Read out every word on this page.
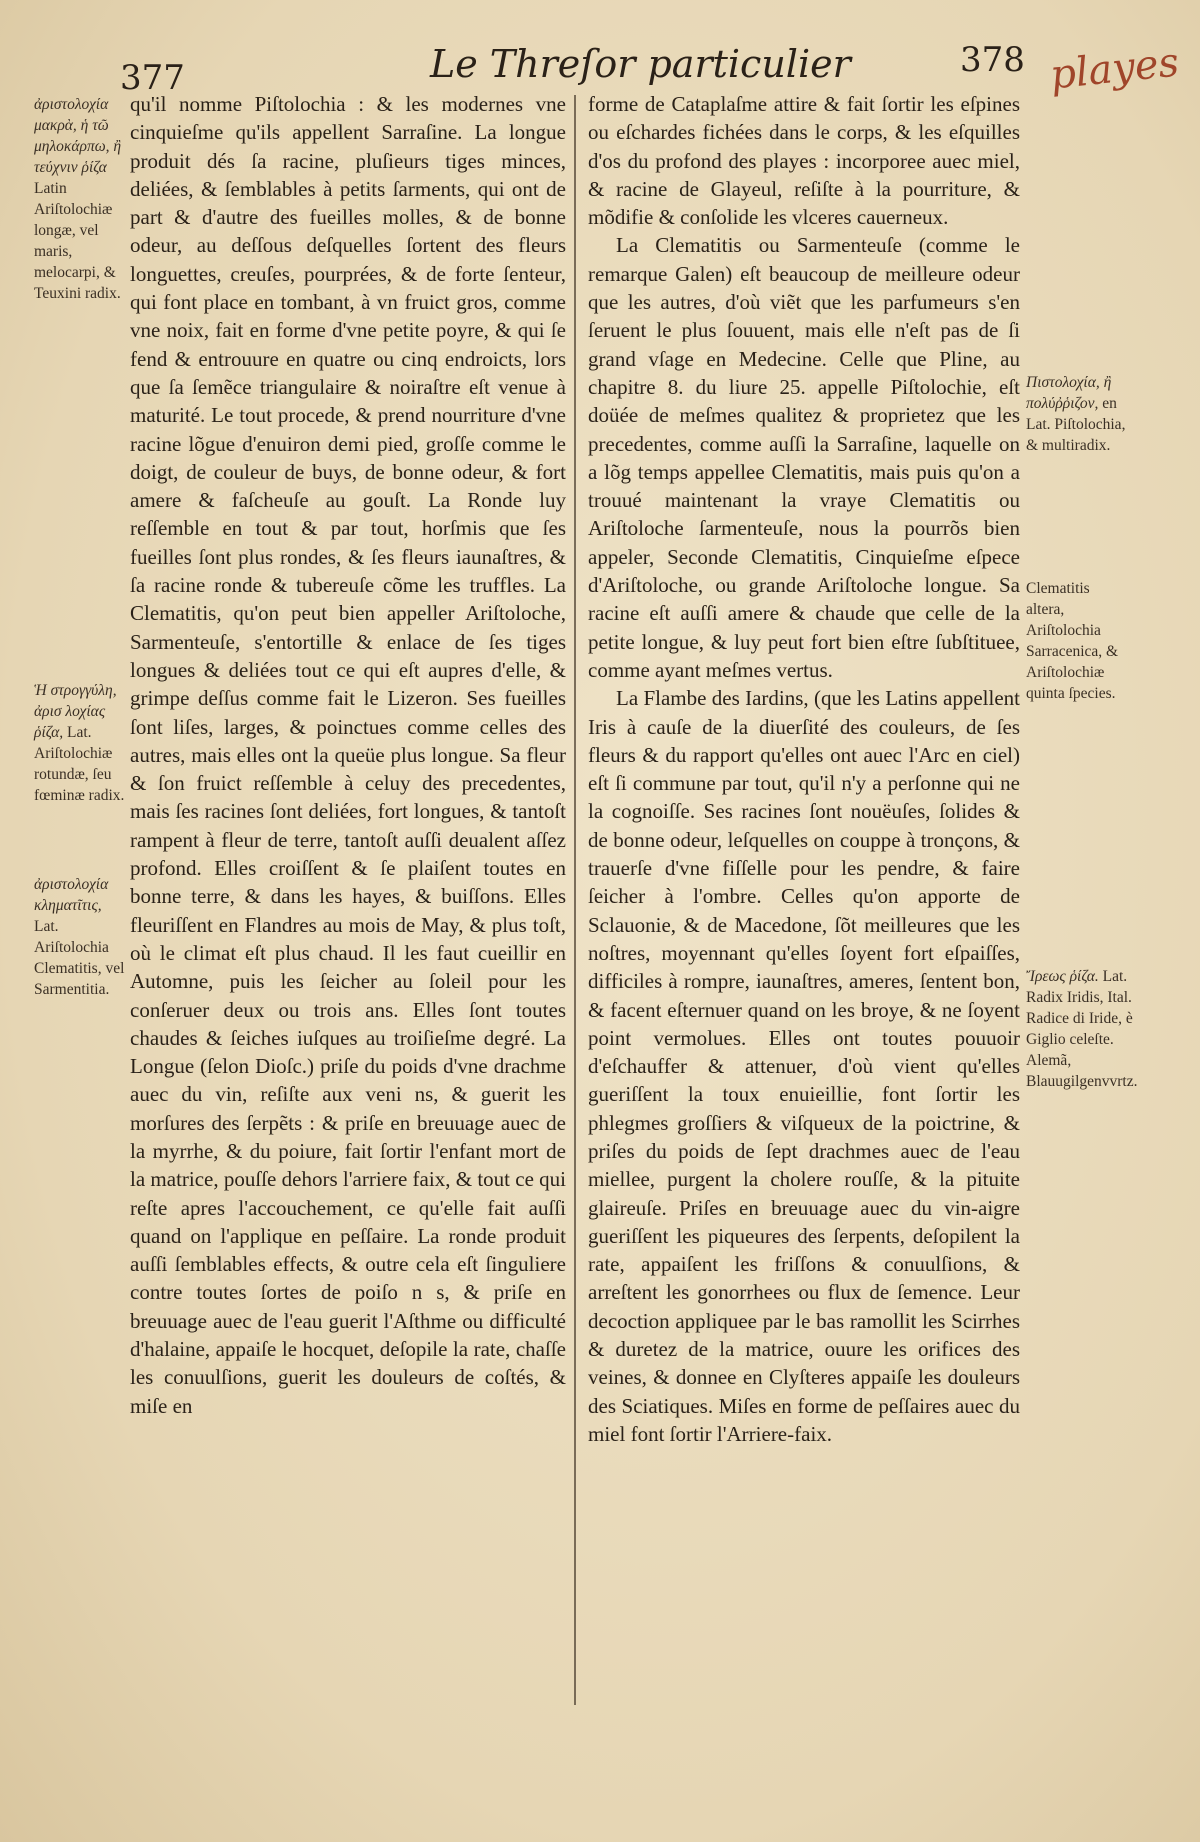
377	Le Threſor particulier	378 playes
ἀριστολοχία μακρὰ, ἡ τῶ μηλοκάρπω, ἢ τεύχνιν ῥίζα Latin Ariſtolochiæ longæ, vel maris, melocarpi, & Teuxini radix.
Ἡ στρογγύλη, ἀρισ λοχίας ῥίζα, Lat. Ariſtolochiæ rotundæ, ſeu fœminæ radix.
ἀριστολοχία κληματῖτις, Lat. Ariſtolochia Clematitis, vel Sarmentitia.

qu'il nomme Piſtolochia : & les modernes vne cinquieſme qu'ils appellent Sarraſine. La longue produit dés ſa racine, pluſieurs tiges minces, deliées, & ſemblables à petits ſarments, qui ont de part & d'autre des fueilles molles, & de bonne odeur, au deſſous deſquelles ſortent des fleurs longuettes, creuſes, pourprées, & de forte ſenteur, qui font place en tombant, à vn fruict gros, comme vne noix, fait en forme d'vne petite poyre, & qui ſe fend & entrouure en quatre ou cinq endroicts, lors que ſa ſemẽce triangulaire & noiraſtre eſt venue à maturité. Le tout procede, & prend nourriture d'vne racine lõgue d'enuiron demi pied, groſſe comme le doigt, de couleur de buys, de bonne odeur, & fort amere & faſcheuſe au gouſt. La Ronde luy reſſemble en tout & par tout, horſmis que ſes fueilles ſont plus rondes, & ſes fleurs iaunaſtres, & ſa racine ronde & tubereuſe cõme les truffles. La Clematitis, qu'on peut bien appeller Ariſtoloche, Sarmenteuſe, s'entortille & enlace de ſes tiges longues & deliées tout ce qui eſt aupres d'elle, & grimpe deſſus comme fait le Lizeron. Ses fueilles ſont liſes, larges, & poinctues comme celles des autres, mais elles ont la queüe plus longue. Sa fleur & ſon fruict reſſemble à celuy des precedentes, mais ſes racines ſont deliées, fort longues, & tantoſt rampent à fleur de terre, tantoſt auſſi deualent aſſez profond. Elles croiſſent & ſe plaiſent toutes en bonne terre, & dans les hayes, & buiſſons. Elles fleuriſſent en Flandres au mois de May, & plus toſt, où le climat eſt plus chaud. Il les faut cueillir en Automne, puis les ſeicher au ſoleil pour les conſeruer deux ou trois ans. Elles ſont toutes chaudes & ſeiches iuſques au troiſieſme degré. La Longue (ſelon Dioſc.) priſe du poids d'vne drachme auec du vin, reſiſte aux veni ns, & guerit les morſures des ſerpẽts : & priſe en breuuage auec de la myrrhe, & du poiure, fait ſortir l'enfant mort de la matrice, pouſſe dehors l'arriere faix, & tout ce qui reſte apres l'accouchement, ce qu'elle fait auſſi quand on l'applique en peſſaire. La ronde produit auſſi ſemblables effects, & outre cela eſt ſinguliere contre toutes ſortes de poiſo n s, & priſe en breuuage auec de l'eau guerit l'Aſthme ou difficulté d'halaine, appaiſe le hocquet, deſopile la rate, chaſſe les conuulſions, guerit les douleurs de coſtés, & miſe en

forme de Cataplaſme attire & fait ſortir les eſpines ou eſchardes fichées dans le corps, & les eſquilles d'os du profond des playes : incorporee auec miel, & racine de Glayeul, reſiſte à la pourriture, & mõdifie & conſolide les vlceres cauerneux.

La Clematitis ou Sarmenteuſe (comme le remarque Galen) eſt beaucoup de meilleure odeur que les autres, d'où viẽt que les parfumeurs s'en ſeruent le plus ſouuent, mais elle n'eſt pas de ſi grand vſage en Medecine. Celle que Pline, au chapitre 8. du liure 25. appelle Piſtolochie, eſt doüée de meſmes qualitez & proprietez que les precedentes, comme auſſi la Sarraſine, laquelle on a lõg temps appellee Clematitis, mais puis qu'on a trouué maintenant la vraye Clematitis ou Ariſtoloche ſarmenteuſe, nous la pourrõs bien appeler, Seconde Clematitis, Cinquieſme eſpece d'Ariſtoloche, ou grande Ariſtoloche longue. Sa racine eſt auſſi amere & chaude que celle de la petite longue, & luy peut fort bien eſtre ſubſtituee, comme ayant meſmes vertus.

La Flambe des Iardins, (que les Latins appellent Iris à cauſe de la diuerſité des couleurs, de ſes fleurs & du rapport qu'elles ont auec l'Arc en ciel) eſt ſi commune par tout, qu'il n'y a perſonne qui ne la cognoiſſe. Ses racines ſont nouëuſes, ſolides & de bonne odeur, leſquelles on couppe à tronçons, & trauerſe d'vne fiſſelle pour les pendre, & faire ſeicher à l'ombre. Celles qu'on apporte de Sclauonie, & de Macedone, ſõt meilleures que les noſtres, moyennant qu'elles ſoyent fort eſpaiſſes, difficiles à rompre, iaunaſtres, ameres, ſentent bon, & facent eſternuer quand on les broye, & ne ſoyent point vermolues. Elles ont toutes pouuoir d'eſchauffer & attenuer, d'où vient qu'elles gueriſſent la toux enuieillie, font ſortir les phlegmes groſſiers & viſqueux de la poictrine, & priſes du poids de ſept drachmes auec de l'eau miellee, purgent la cholere rouſſe, & la pituite glaireuſe. Priſes en breuuage auec du vin-aigre gueriſſent les piqueures des ſerpents, deſopilent la rate, appaiſent les friſſons & conuulſions, & arreſtent les gonorrhees ou flux de ſemence. Leur decoction appliquee par le bas ramollit les Scirrhes & duretez de la matrice, ouure les orifices des veines, & donnee en Clyſteres appaiſe les douleurs des Sciatiques. Miſes en forme de peſſaires auec du miel font ſortir l'Arriere-faix.

Πιστολοχία, ἢ πολύῤῥιζον, en Lat. Piſtolochia, & multiradix.
Clematitis altera, Ariſtolochia Sarracenica, & Ariſtolochiæ quinta ſpecies.
Ἴρεως ῥίζα. Lat. Radix Iridis, Ital. Radice di Iride, è Giglio celeſte. Alemã, Blauugilgenvvrtz.
